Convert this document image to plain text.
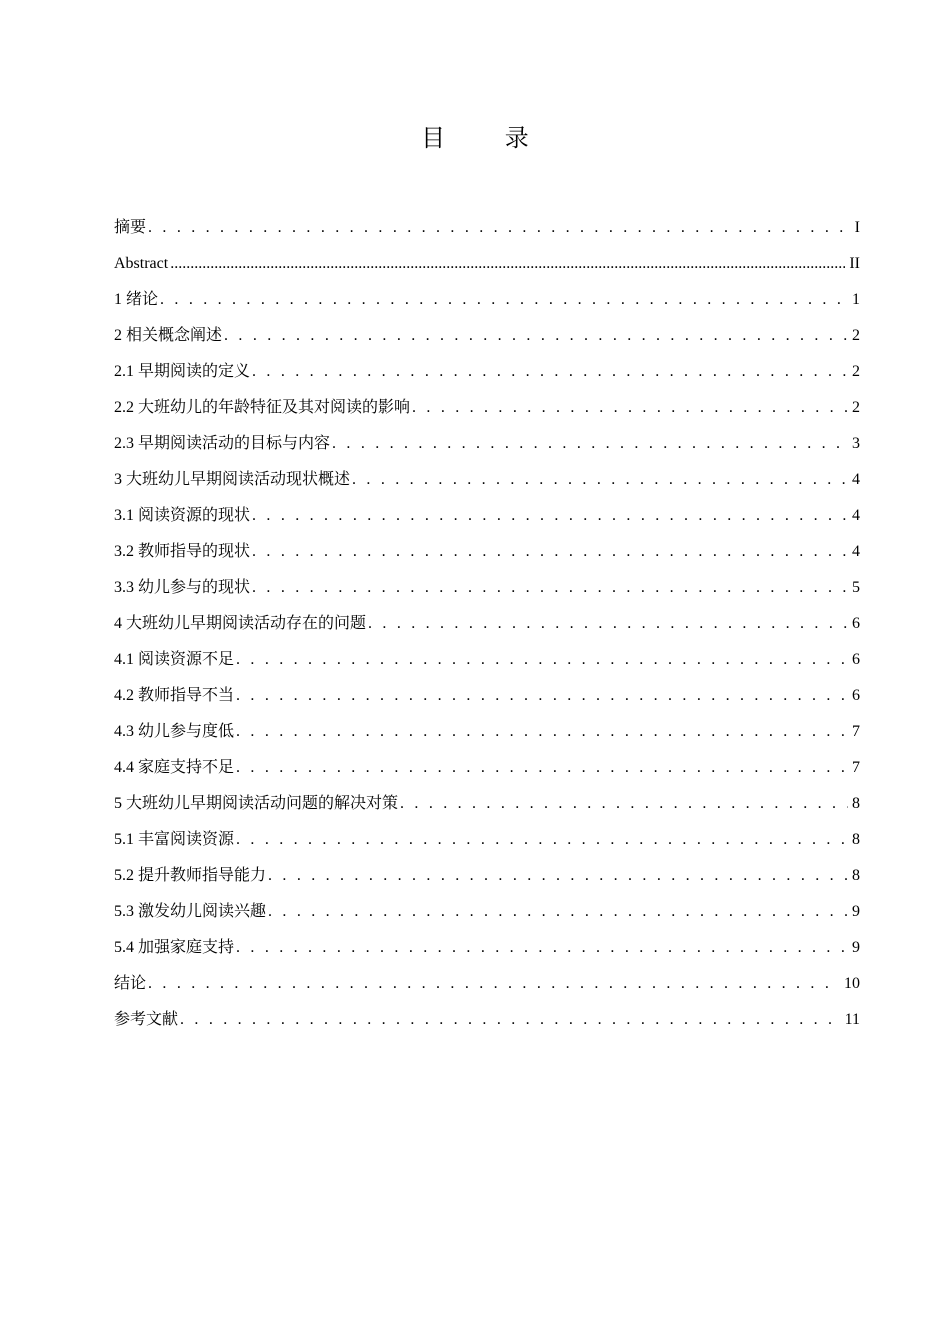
目 录
摘要 . . .	I
Abstract .....	II
1 绪论 . . .	1
2 相关概念阐述 . . .	2
2.1 早期阅读的定义 . . .	2
2.2 大班幼儿的年龄特征及其对阅读的影响 . . .	2
2.3 早期阅读活动的目标与内容 . . .	3
3 大班幼儿早期阅读活动现状概述 . . .	4
3.1 阅读资源的现状 . . .	4
3.2 教师指导的现状 . . .	4
3.3 幼儿参与的现状 . . .	5
4 大班幼儿早期阅读活动存在的问题 . . .	6
4.1 阅读资源不足 . . .	6
4.2 教师指导不当 . . .	6
4.3 幼儿参与度低 . . .	7
4.4 家庭支持不足 . . .	7
5 大班幼儿早期阅读活动问题的解决对策 . . .	8
5.1 丰富阅读资源 . . .	8
5.2 提升教师指导能力 . . .	8
5.3 激发幼儿阅读兴趣 . . .	9
5.4 加强家庭支持 . . .	9
结论 . . .	10
参考文献 . . .	11
